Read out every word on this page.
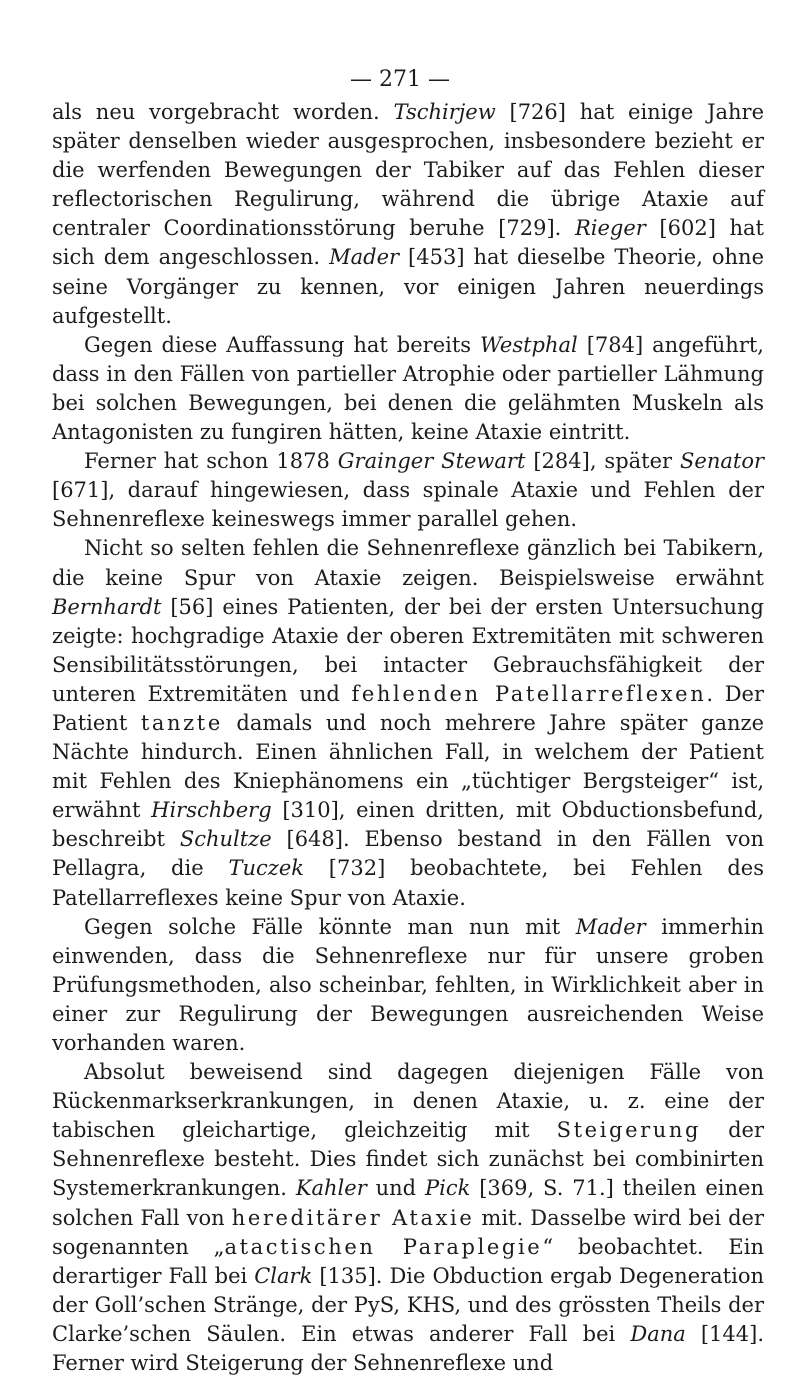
— 271 —

als neu vorgebracht worden. Tschirjew [726] hat einige Jahre später denselben wieder ausgesprochen, insbesondere bezieht er die werfenden Bewegungen der Tabiker auf das Fehlen dieser reflectorischen Regulirung, während die übrige Ataxie auf centraler Coordinationsstörung beruhe [729]. Rieger [602] hat sich dem angeschlossen. Mader [453] hat dieselbe Theorie, ohne seine Vorgänger zu kennen, vor einigen Jahren neuerdings aufgestellt.

Gegen diese Auffassung hat bereits Westphal [784] angeführt, dass in den Fällen von partieller Atrophie oder partieller Lähmung bei solchen Bewegungen, bei denen die gelähmten Muskeln als Antagonisten zu fungiren hätten, keine Ataxie eintritt.

Ferner hat schon 1878 Grainger Stewart [284], später Senator [671], darauf hingewiesen, dass spinale Ataxie und Fehlen der Sehnenreflexe keineswegs immer parallel gehen.

Nicht so selten fehlen die Sehnenreflexe gänzlich bei Tabikern, die keine Spur von Ataxie zeigen. Beispielsweise erwähnt Bernhardt [56] eines Patienten, der bei der ersten Untersuchung zeigte: hochgradige Ataxie der oberen Extremitäten mit schweren Sensibilitätsstörungen, bei intacter Gebrauchsfähigkeit der unteren Extremitäten und fehlenden Patellarreflexen. Der Patient tanzte damals und noch mehrere Jahre später ganze Nächte hindurch. Einen ähnlichen Fall, in welchem der Patient mit Fehlen des Kniephänomens ein „tüchtiger Bergsteiger“ ist, erwähnt Hirschberg [310], einen dritten, mit Obductionsbefund, beschreibt Schultze [648]. Ebenso bestand in den Fällen von Pellagra, die Tuczek [732] beobachtete, bei Fehlen des Patellarreflexes keine Spur von Ataxie.

Gegen solche Fälle könnte man nun mit Mader immerhin einwenden, dass die Sehnenreflexe nur für unsere groben Prüfungsmethoden, also scheinbar, fehlten, in Wirklichkeit aber in einer zur Regulirung der Bewegungen ausreichenden Weise vorhanden waren.

Absolut beweisend sind dagegen diejenigen Fälle von Rückenmarkserkrankungen, in denen Ataxie, u. z. eine der tabischen gleichartige, gleichzeitig mit Steigerung der Sehnenreflexe besteht. Dies findet sich zunächst bei combinirten Systemerkrankungen. Kahler und Pick [369, S. 71.] theilen einen solchen Fall von hereditärer Ataxie mit. Dasselbe wird bei der sogenannten „atactischen Paraplegie“ beobachtet. Ein derartiger Fall bei Clark [135]. Die Obduction ergab Degeneration der Goll’schen Stränge, der PyS, KHS, und des grössten Theils der Clarke’schen Säulen. Ein etwas anderer Fall bei Dana [144]. Ferner wird Steigerung der Sehnenreflexe und
